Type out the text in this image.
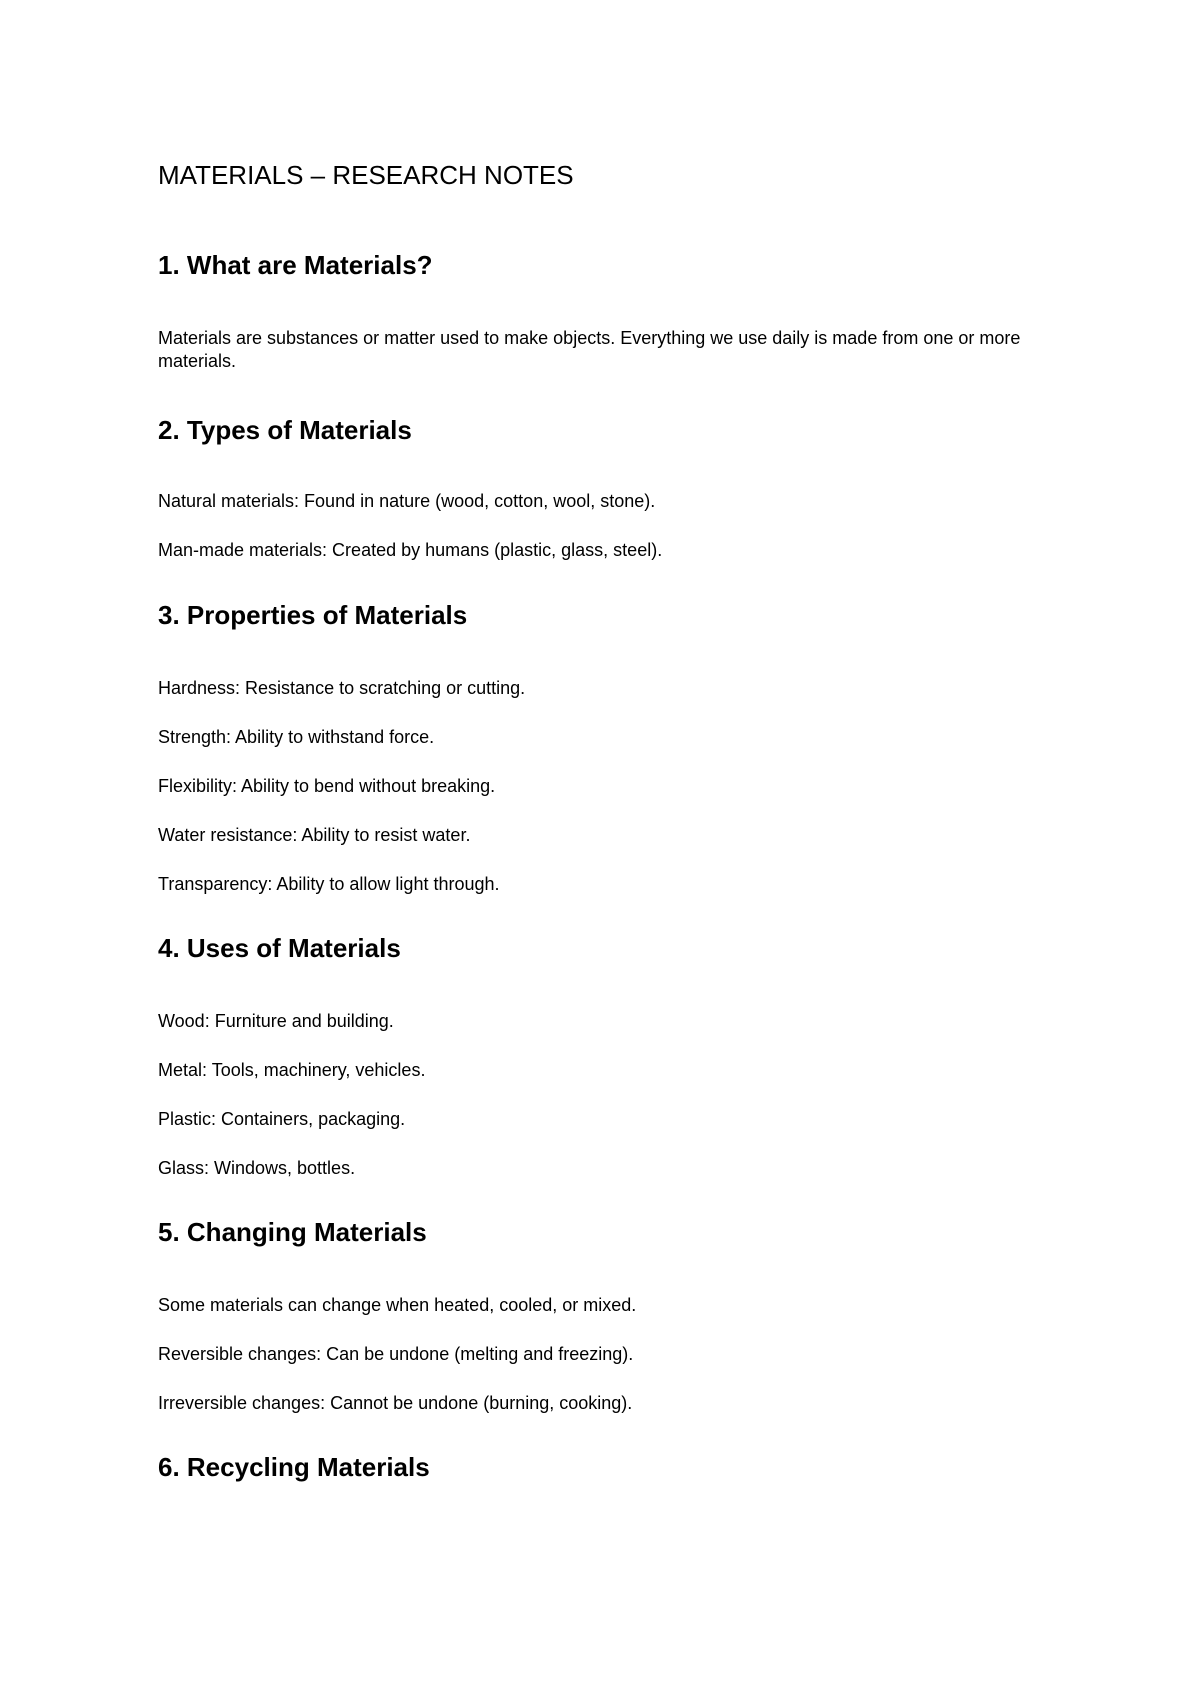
MATERIALS – RESEARCH NOTES
1. What are Materials?

Materials are substances or matter used to make objects. Everything we use daily is made from one or more materials.

2. Types of Materials

Natural materials: Found in nature (wood, cotton, wool, stone).

Man-made materials: Created by humans (plastic, glass, steel).

3. Properties of Materials

Hardness: Resistance to scratching or cutting.

Strength: Ability to withstand force.

Flexibility: Ability to bend without breaking.

Water resistance: Ability to resist water.

Transparency: Ability to allow light through.

4. Uses of Materials

Wood: Furniture and building.

Metal: Tools, machinery, vehicles.

Plastic: Containers, packaging.

Glass: Windows, bottles.

5. Changing Materials

Some materials can change when heated, cooled, or mixed.

Reversible changes: Can be undone (melting and freezing).

Irreversible changes: Cannot be undone (burning, cooking).

6. Recycling Materials
